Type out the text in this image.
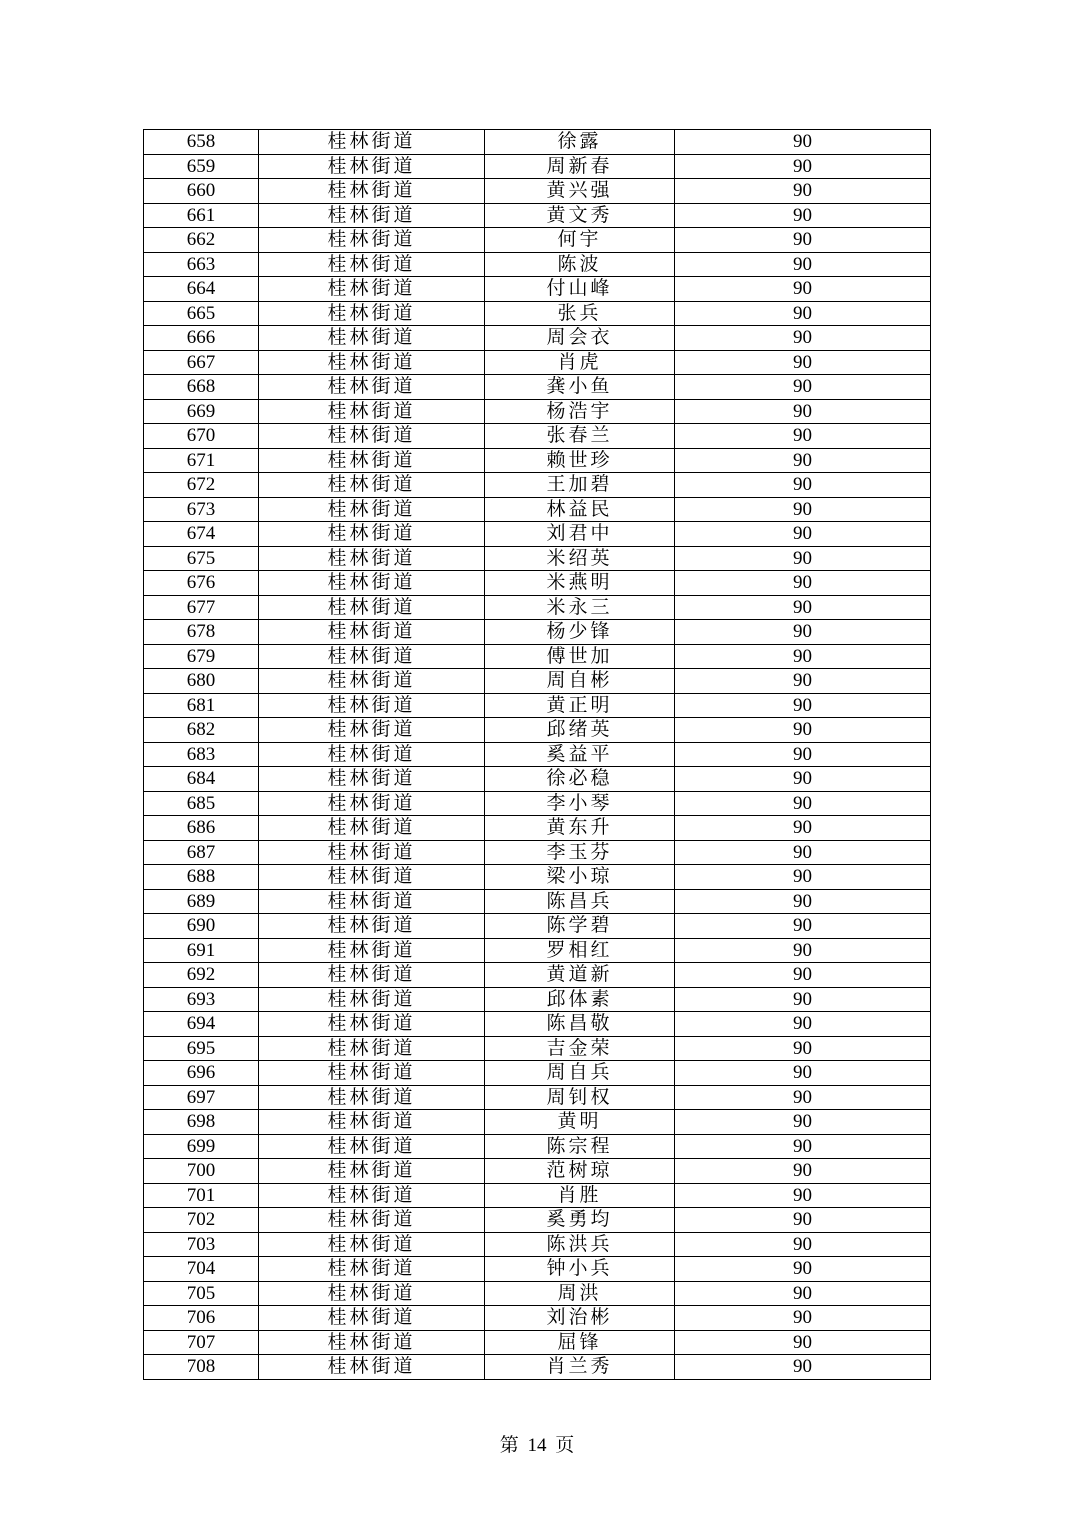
658	桂林街道	徐露	90
659	桂林街道	周新春	90
660	桂林街道	黄兴强	90
661	桂林街道	黄文秀	90
662	桂林街道	何宇	90
663	桂林街道	陈波	90
664	桂林街道	付山峰	90
665	桂林街道	张兵	90
666	桂林街道	周会衣	90
667	桂林街道	肖虎	90
668	桂林街道	龚小鱼	90
669	桂林街道	杨浩宇	90
670	桂林街道	张春兰	90
671	桂林街道	赖世珍	90
672	桂林街道	王加碧	90
673	桂林街道	林益民	90
674	桂林街道	刘君中	90
675	桂林街道	米绍英	90
676	桂林街道	米燕明	90
677	桂林街道	米永三	90
678	桂林街道	杨少锋	90
679	桂林街道	傅世加	90
680	桂林街道	周自彬	90
681	桂林街道	黄正明	90
682	桂林街道	邱绪英	90
683	桂林街道	奚益平	90
684	桂林街道	徐必稳	90
685	桂林街道	李小琴	90
686	桂林街道	黄东升	90
687	桂林街道	李玉芬	90
688	桂林街道	梁小琼	90
689	桂林街道	陈昌兵	90
690	桂林街道	陈学碧	90
691	桂林街道	罗相红	90
692	桂林街道	黄道新	90
693	桂林街道	邱体素	90
694	桂林街道	陈昌敬	90
695	桂林街道	吉金荣	90
696	桂林街道	周自兵	90
697	桂林街道	周钊权	90
698	桂林街道	黄明	90
699	桂林街道	陈宗程	90
700	桂林街道	范树琼	90
701	桂林街道	肖胜	90
702	桂林街道	奚勇均	90
703	桂林街道	陈洪兵	90
704	桂林街道	钟小兵	90
705	桂林街道	周洪	90
706	桂林街道	刘治彬	90
707	桂林街道	屈锋	90
708	桂林街道	肖兰秀	90
第 14 页
